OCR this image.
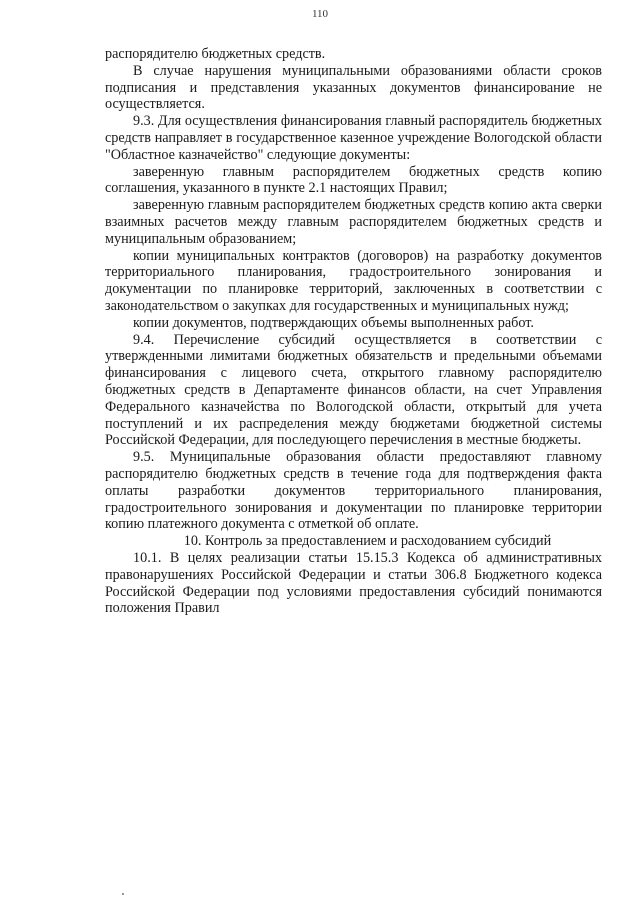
110

распорядителю бюджетных средств.

В случае нарушения муниципальными образованиями области сроков подписания и представления указанных документов финансирование не осуществляется.

9.3. Для осуществления финансирования главный распорядитель бюджетных средств направляет в государственное казенное учреждение Вологодской области "Областное казначейство" следующие документы:

заверенную главным распорядителем бюджетных средств копию соглашения, указанного в пункте 2.1 настоящих Правил;

заверенную главным распорядителем бюджетных средств копию акта сверки взаимных расчетов между главным распорядителем бюджетных средств и муниципальным образованием;

копии муниципальных контрактов (договоров) на разработку документов территориального планирования, градостроительного зонирования и документации по планировке территорий, заключенных в соответствии с законодательством о закупках для государственных и муниципальных нужд;

копии документов, подтверждающих объемы выполненных работ.

9.4. Перечисление субсидий осуществляется в соответствии с утвержденными лимитами бюджетных обязательств и предельными объемами финансирования с лицевого счета, открытого главному распорядителю бюджетных средств в Департаменте финансов области, на счет Управления Федерального казначейства по Вологодской области, открытый для учета поступлений и их распределения между бюджетами бюджетной системы Российской Федерации, для последующего перечисления в местные бюджеты.

9.5. Муниципальные образования области предоставляют главному распорядителю бюджетных средств в течение года для подтверждения факта оплаты разработки документов территориального планирования, градостроительного зонирования и документации по планировке территории копию платежного документа с отметкой об оплате.

10. Контроль за предоставлением и расходованием субсидий

10.1. В целях реализации статьи 15.15.3 Кодекса об административных правонарушениях Российской Федерации и статьи 306.8 Бюджетного кодекса Российской Федерации под условиями предоставления субсидий понимаются положения Правил
